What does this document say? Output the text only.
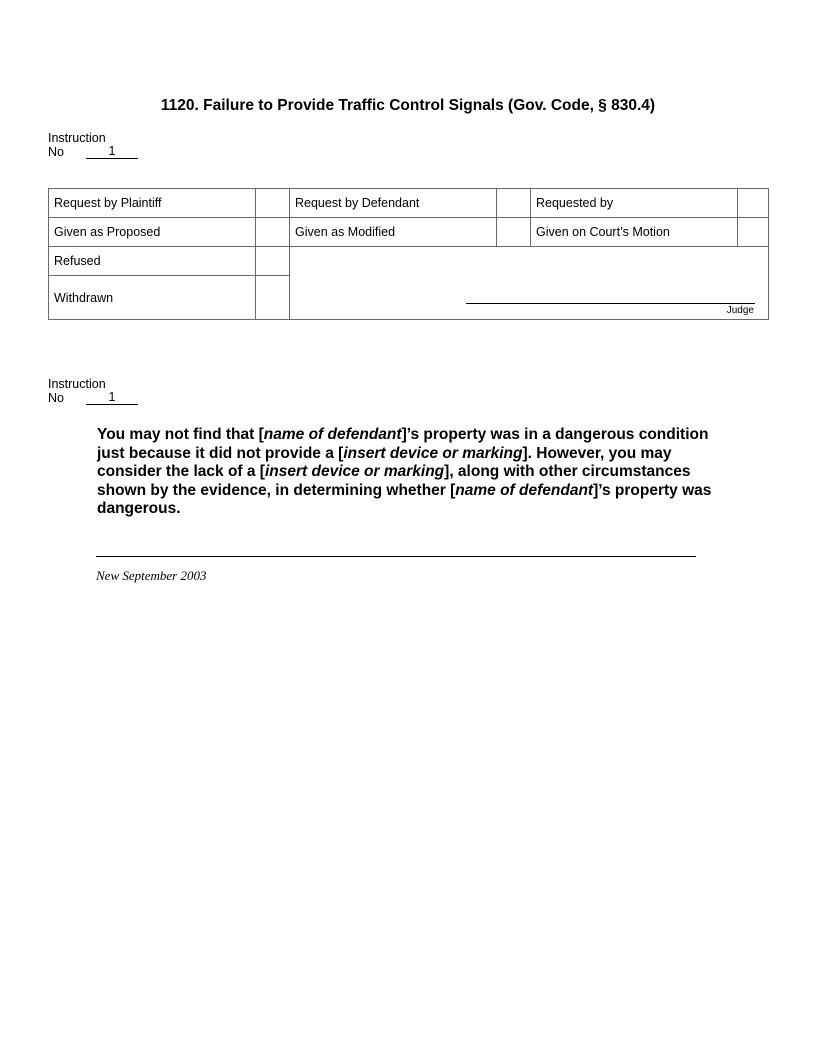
1120. Failure to Provide Traffic Control Signals (Gov. Code, § 830.4)
Instruction
No	1
Request by Plaintiff	Request by Defendant	Requested by
Given as Proposed	Given as Modified	Given on Court’s Motion
Refused
Withdrawn
Judge
Instruction
No	1
You may not find that [name of defendant]’s property was in a dangerous condition just because it did not provide a [insert device or marking]. However, you may consider the lack of a [insert device or marking], along with other circumstances shown by the evidence, in determining whether [name of defendant]’s property was dangerous.
New September 2003
